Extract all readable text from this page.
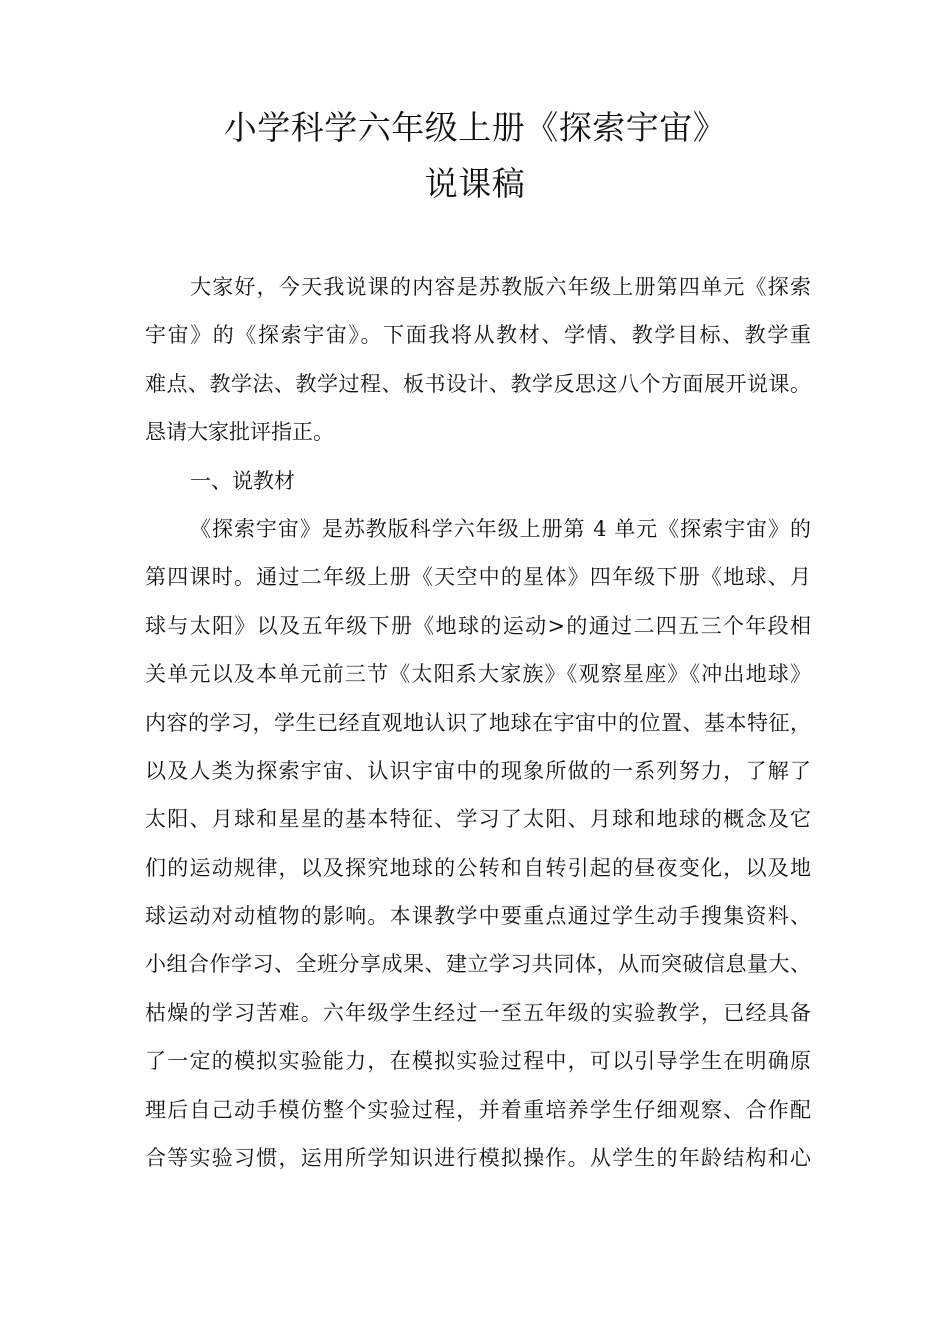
小学科学六年级上册《探索宇宙》
说课稿
大家好，今天我说课的内容是苏教版六年级上册第四单元《探索
宇宙》的《探索宇宙》。下面我将从教材、学情、教学目标、教学重
难点、教学法、教学过程、板书设计、教学反思这八个方面展开说课。
恳请大家批评指正。
一、说教材
《探索宇宙》是苏教版科学六年级上册第 4 单元《探索宇宙》的
第四课时。通过二年级上册《天空中的星体》四年级下册《地球、月
球与太阳》以及五年级下册《地球的运动>的通过二四五三个年段相
关单元以及本单元前三节《太阳系大家族》《观察星座》《冲出地球》
内容的学习，学生已经直观地认识了地球在宇宙中的位置、基本特征，
以及人类为探索宇宙、认识宇宙中的现象所做的一系列努力，了解了
太阳、月球和星星的基本特征、学习了太阳、月球和地球的概念及它
们的运动规律，以及探究地球的公转和自转引起的昼夜变化，以及地
球运动对动植物的影响。本课教学中要重点通过学生动手搜集资料、
小组合作学习、全班分享成果、建立学习共同体，从而突破信息量大、
枯燥的学习苦难。六年级学生经过一至五年级的实验教学，已经具备
了一定的模拟实验能力，在模拟实验过程中，可以引导学生在明确原
理后自己动手模仿整个实验过程，并着重培养学生仔细观察、合作配
合等实验习惯，运用所学知识进行模拟操作。从学生的年龄结构和心
